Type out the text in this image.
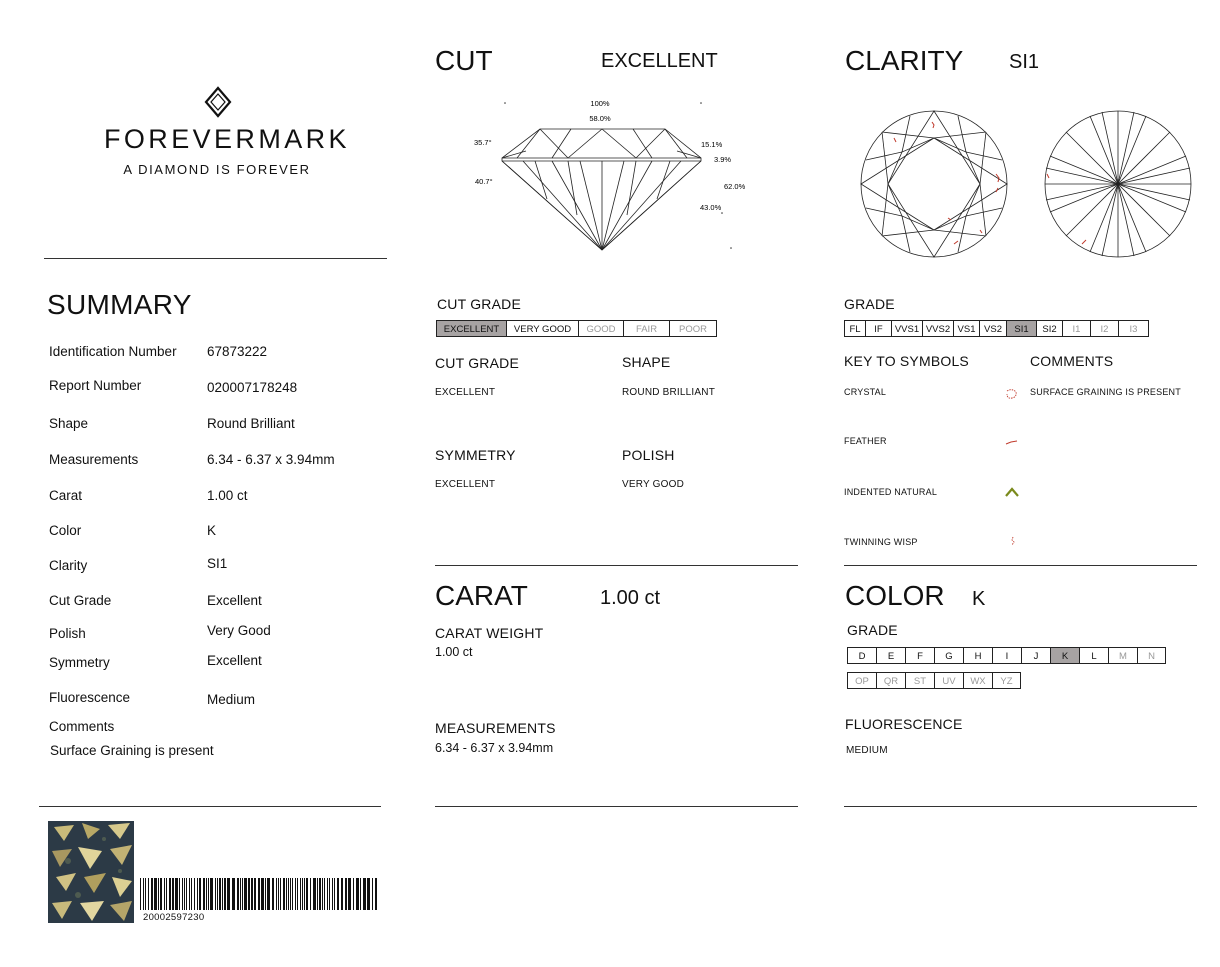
FOREVERMARK
A DIAMOND IS FOREVER
SUMMARY
Identification Number 67873222
Report Number	020007178248
Shape	Round Brilliant
Measurements	6.34 - 6.37 x 3.94mm
Carat	1.00 ct
Color	K
Clarity	SI1
Cut Grade	Excellent
Polish	Very Good
Symmetry	Excellent
Fluorescence	Medium
Comments
Surface Graining is present
20002597230
CUT	EXCELLENT
100%
58.0%
35.7°
40.7°
15.1%
3.9%
62.0%
43.0%
CUT GRADE
EXCELLENT	VERY GOOD	GOOD	FAIR	POOR
CUT GRADE
EXCELLENT
SHAPE
ROUND BRILLIANT
SYMMETRY
EXCELLENT
POLISH
VERY GOOD
CARAT	1.00 ct
CARAT WEIGHT
1.00 ct
MEASUREMENTS
6.34 - 6.37 x 3.94mm
CLARITY SI1
GRADE
FL	IF	VVS1 VVS2 VS1 VS2	SI1	SI2	I1	I2	I3
KEY TO SYMBOLS	COMMENTS
SURFACE GRAINING IS PRESENT
CRYSTAL
FEATHER
INDENTED NATURAL
TWINNING WISP
COLOR K
GRADE
D	E	F	G	H	I	J	K	L	M	N
OP	QR	ST	UV	WX	YZ
FLUORESCENCE
MEDIUM
